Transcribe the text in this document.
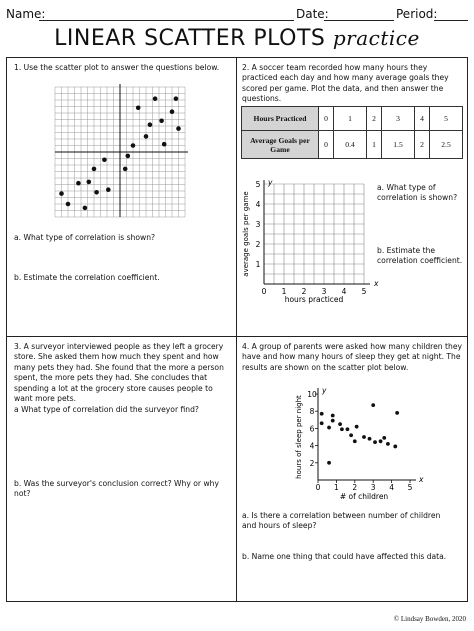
Name:	Date:	Period:
LINEAR SCATTER PLOTS practice
1. Use the scatter plot to answer the questions below.
a. What type of correlation is shown?
b. Estimate the correlation coefficient.
2. A soccer team recorded how many hours they practiced each day and how many average goals they scored per game. Plot the data, and then answer the questions.
Hours Practiced	0	1	2	3	4	5
Average Goals per Game	0	0.4	1	1.5	2	2.5
0 1 2 3 4 5
1
2
3
4
5
hours practiced
average goals per game
x
y
a. What type of correlation is shown?
b. Estimate the correlation coefficient.
3. A surveyor interviewed people as they left a grocery store. She asked them how much they spent and how many pets they had. She found that the more a person spent, the more pets they had. She concludes that spending a lot at the grocery store causes people to want more pets.
a What type of correlation did the surveyor find?
b. Was the surveyor's conclusion correct? Why or why not?
4. A group of parents were asked how many children they have and how many hours of sleep they get at night. The results are shown on the scatter plot below.
0 1 2 3 4 5
2
4
6
8
10
# of children
hours of sleep per night
x
y
a. Is there a correlation between number of children and hours of sleep?
b. Name one thing that could have affected this data.
© Lindsay Bowden, 2020
